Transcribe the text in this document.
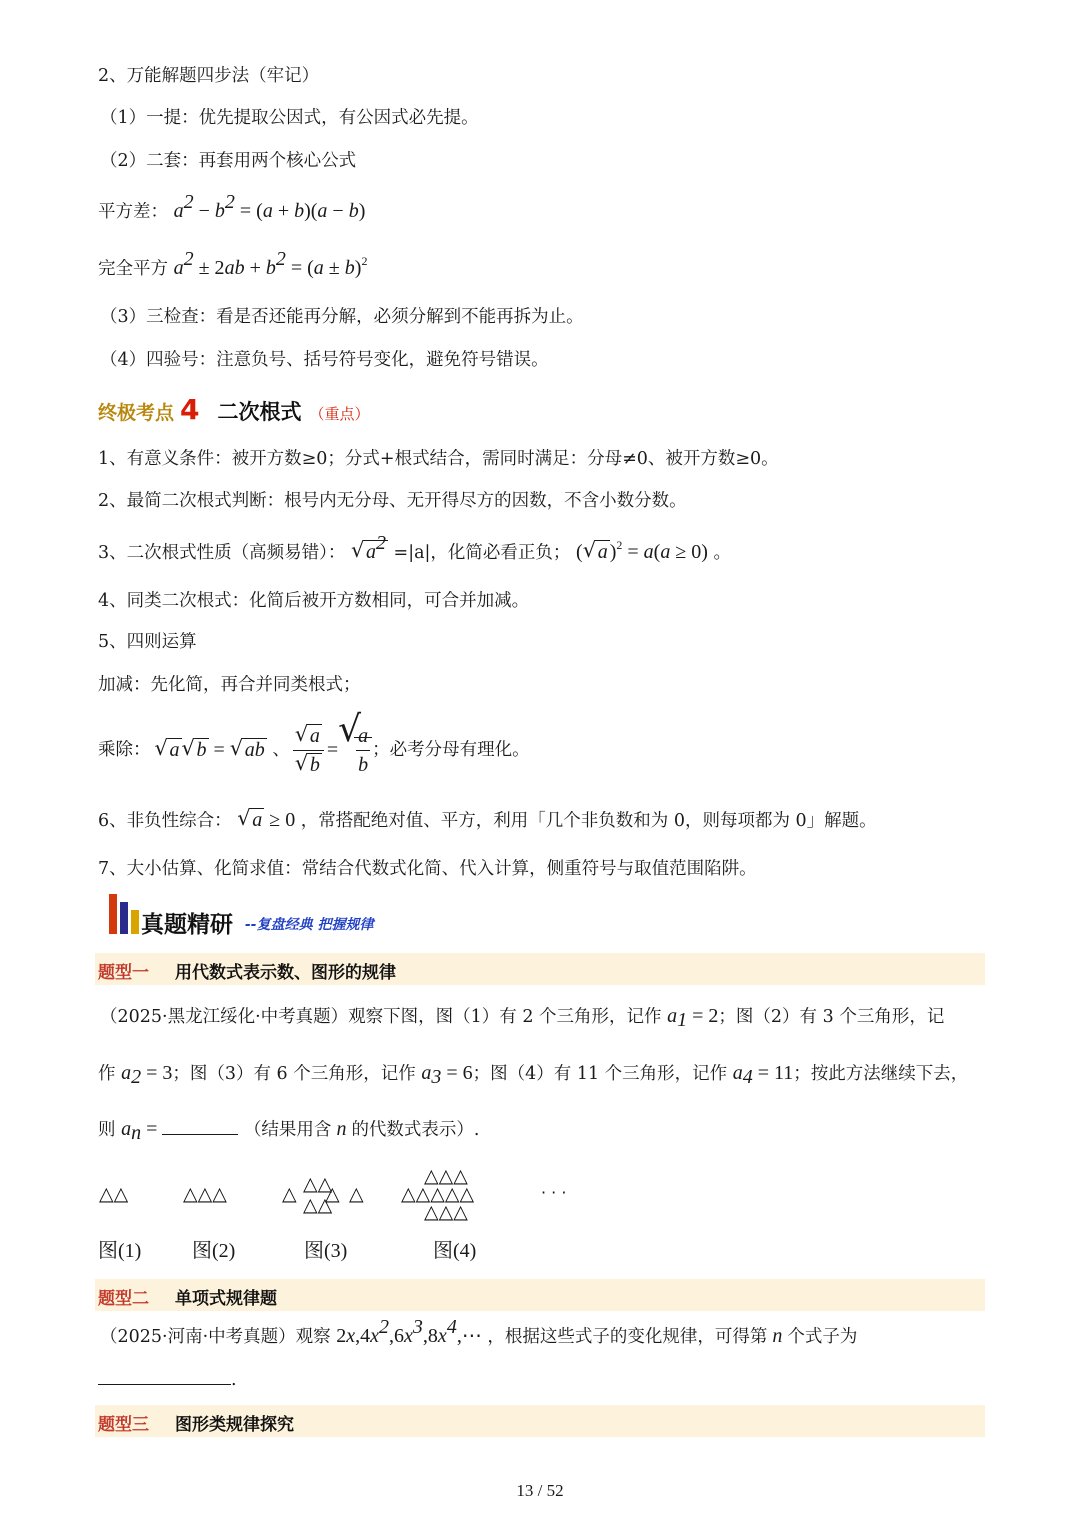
2、万能解题四步法（牢记）
（1）一提：优先提取公因式，有公因式必先提。
（2）二套：再套用两个核心公式
平方差： $a^2 - b^2 = (a + b)(a - b)$
完全平方 $a^2 \pm 2ab + b^2 = (a \pm b)^2$
（3）三检查：看是否还能再分解，必须分解到不能再拆为止。
（4）四验号：注意负号、括号符号变化，避免符号错误。
终极考点 4 二次根式 （重点）
1、有意义条件：被开方数≥0；分式+根式结合，需同时满足：分母≠0、被开方数≥0。
2、最简二次根式判断：根号内无分母、无开得尽方的因数，不含小数分数。
3、二次根式性质（高频易错）： √ $a^2 =|a|$，化简必看正负； ( √ a )$^2$ = a(a ≥ 0) 。
4、同类二次根式：化简后被开方数相同，可合并加减。
5、四则运算
加减：先化简，再合并同类根式；
乘除： √ a √ b = √ ab 、 $\frac{√ a}{√ b}$ =
√
$\frac{a}{b}$ ；必考分母有理化。
6、非负性综合： √ a ≥ 0 ，常搭配绝对值、平方，利用「几个非负数和为 0，则每项都为 0」解题。
7、大小估算、化简求值：常结合代数式化简、代入计算，侧重符号与取值范围陷阱。
真题精研 --复盘经典 把握规律
题型一 用代数式表示数、图形的规律
（2025·黑龙江绥化·中考真题）观察下图，图（1）有 2 个三角形，记作 $a_1 = 2$；图（2）有 3 个三角形，记
作 $a_2 = 3$；图（3）有 6 个三角形，记作 $a_3 = 6$；图（4）有 11 个三角形，记作 $a_4 = 11$；按此方法继续下去，
则 $a_n$ =	（结果用含 n 的代数式表示）.
△△	△△△	△△
△ △ △
△△
△△△
△△△△△
△△△
· · ·
图(1)	图(2)	图(3)	图(4)
题型二 单项式规律题
（2025·河南·中考真题）观察 $2x,4x^2,6x^3,8x^4,\cdots$ ，根据这些式子的变化规律，可得第 n 个式子为
.
题型三 图形类规律探究
13 / 52
